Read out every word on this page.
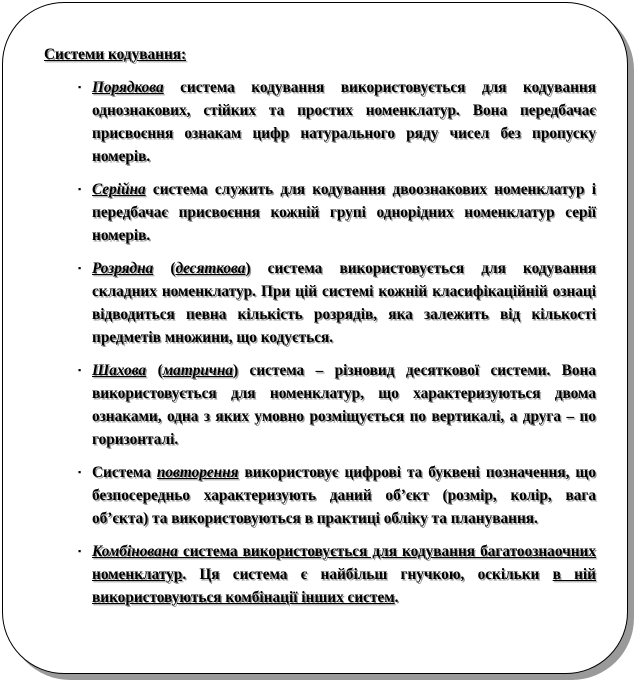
Системи кодування:
▪ Порядкова система кодування використовується для кодування однознакових, стійких та простих номенклатур. Вона передбачає присвоєння ознакам цифр натурального ряду чисел без пропуску номерів.
▪ Серійна система служить для кодування двоознакових номенклатур і передбачає присвоєння кожній групі однорідних номенклатур серії номерів.
▪ Розрядна (десяткова) система використовується для кодування складних номенклатур. При цій системі кожній класифікаційній ознаці відводиться певна кількість розрядів, яка залежить від кількості предметів множини, що кодується.
▪ Шахова (матрична) система – різновид десяткової системи. Вона використовується для номенклатур, що характеризуються двома ознаками, одна з яких умовно розміщується по вертикалі, а друга – по горизонталі.
▪ Система повторення використовує цифрові та буквені позначення, що безпосередньо характеризують даний об’єкт (розмір, колір, вага об’єкта) та використовуються в практиці обліку та планування.
▪ Комбінована система використовується для кодування багатоознаочних номенклатур. Ця система є найбільш гнучкою, оскільки в ній використовуються комбінації інших систем.
